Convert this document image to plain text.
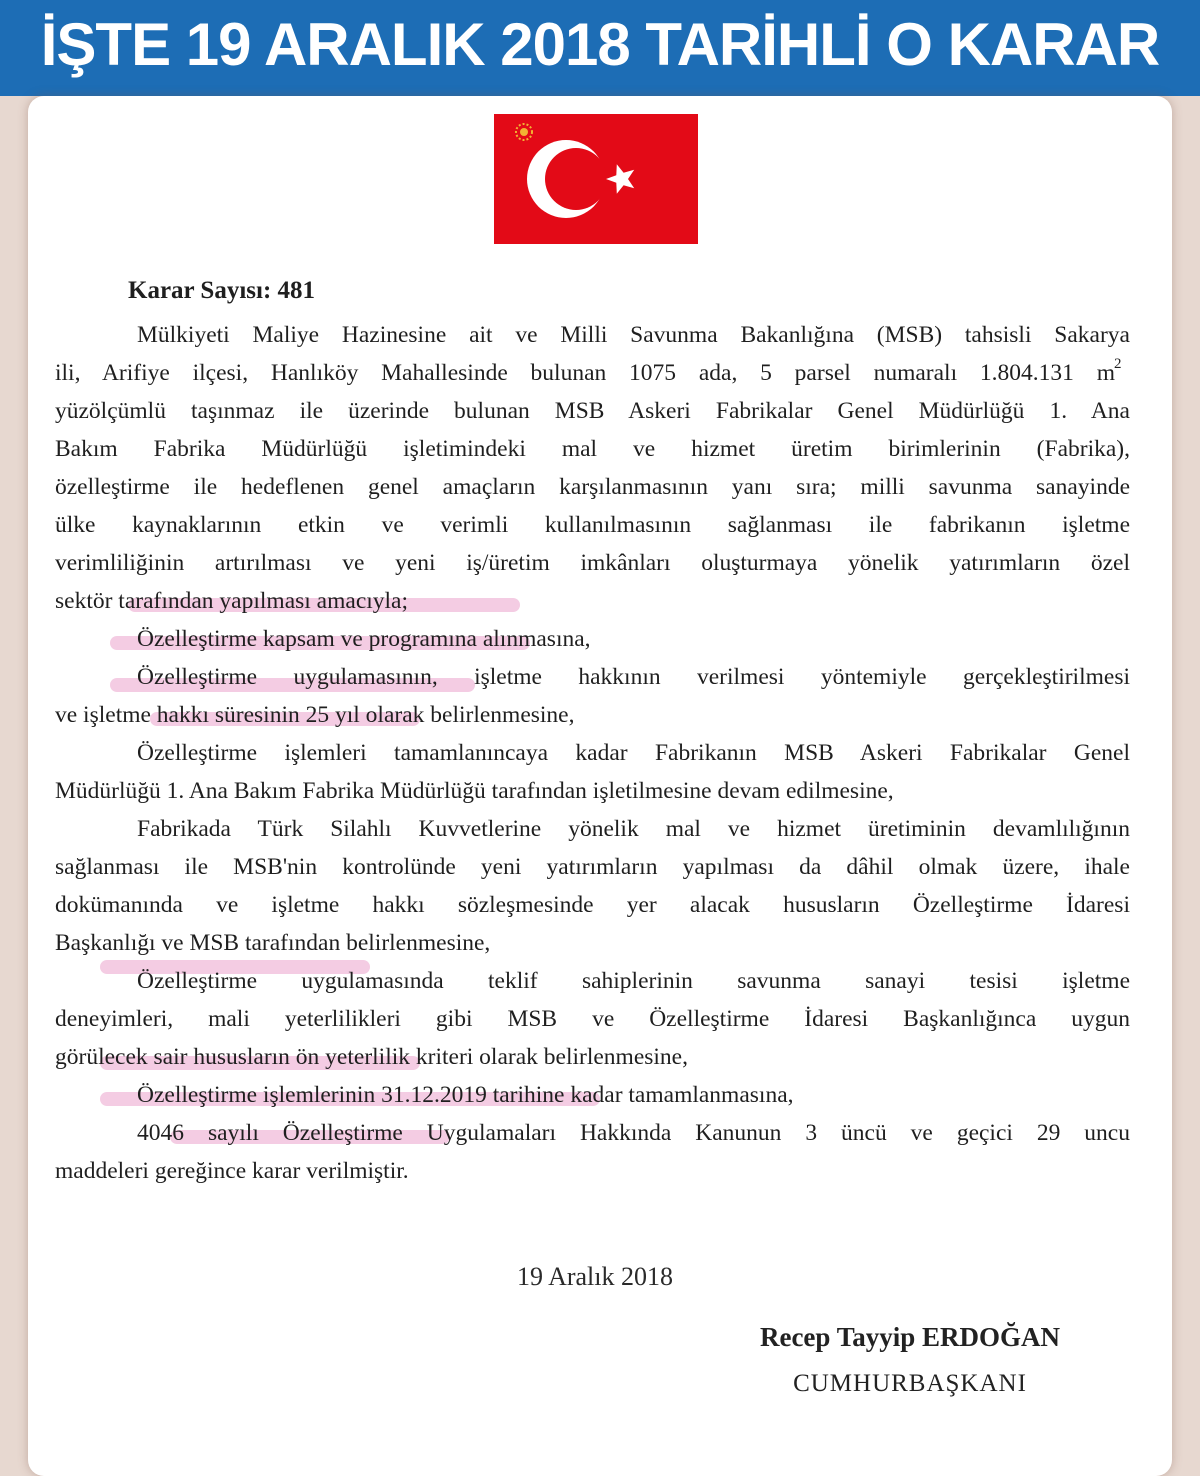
İŞTE 19 ARALIK 2018 TARİHLİ O KARAR
Karar Sayısı: 481
Mülkiyeti Maliye Hazinesine ait ve Milli Savunma Bakanlığına (MSB) tahsisli Sakarya
ili, Arifiye ilçesi, Hanlıköy Mahallesinde bulunan 1075 ada, 5 parsel numaralı 1.804.131 m 2
yüzölçümlü taşınmaz ile üzerinde bulunan MSB Askeri Fabrikalar Genel Müdürlüğü 1. Ana
Bakım Fabrika Müdürlüğü işletimindeki mal ve hizmet üretim birimlerinin (Fabrika),
özelleştirme ile hedeflenen genel amaçların karşılanmasının yanı sıra; milli savunma sanayinde
ülke kaynaklarının etkin ve verimli kullanılmasının sağlanması ile fabrikanın işletme
verimliliğinin artırılması ve yeni iş/üretim imkânları oluşturmaya yönelik yatırımların özel
sektör tarafından yapılması amacıyla;
Özelleştirme kapsam ve programına alınmasına,
Özelleştirme uygulamasının, işletme hakkının verilmesi yöntemiyle gerçekleştirilmesi
ve işletme hakkı süresinin 25 yıl olarak belirlenmesine,
Özelleştirme işlemleri tamamlanıncaya kadar Fabrikanın MSB Askeri Fabrikalar Genel
Müdürlüğü 1. Ana Bakım Fabrika Müdürlüğü tarafından işletilmesine devam edilmesine,
Fabrikada Türk Silahlı Kuvvetlerine yönelik mal ve hizmet üretiminin devamlılığının
sağlanması ile MSB'nin kontrolünde yeni yatırımların yapılması da dâhil olmak üzere, ihale
dokümanında ve işletme hakkı sözleşmesinde yer alacak hususların Özelleştirme İdaresi
Başkanlığı ve MSB tarafından belirlenmesine,
Özelleştirme uygulamasında teklif sahiplerinin savunma sanayi tesisi işletme
deneyimleri, mali yeterlilikleri gibi MSB ve Özelleştirme İdaresi Başkanlığınca uygun
görülecek sair hususların ön yeterlilik kriteri olarak belirlenmesine,
Özelleştirme işlemlerinin 31.12.2019 tarihine kadar tamamlanmasına,
4046 sayılı Özelleştirme Uygulamaları Hakkında Kanunun 3 üncü ve geçici 29 uncu
maddeleri gereğince karar verilmiştir.
19 Aralık 2018
Recep Tayyip ERDOĞAN
CUMHURBAŞKANI
